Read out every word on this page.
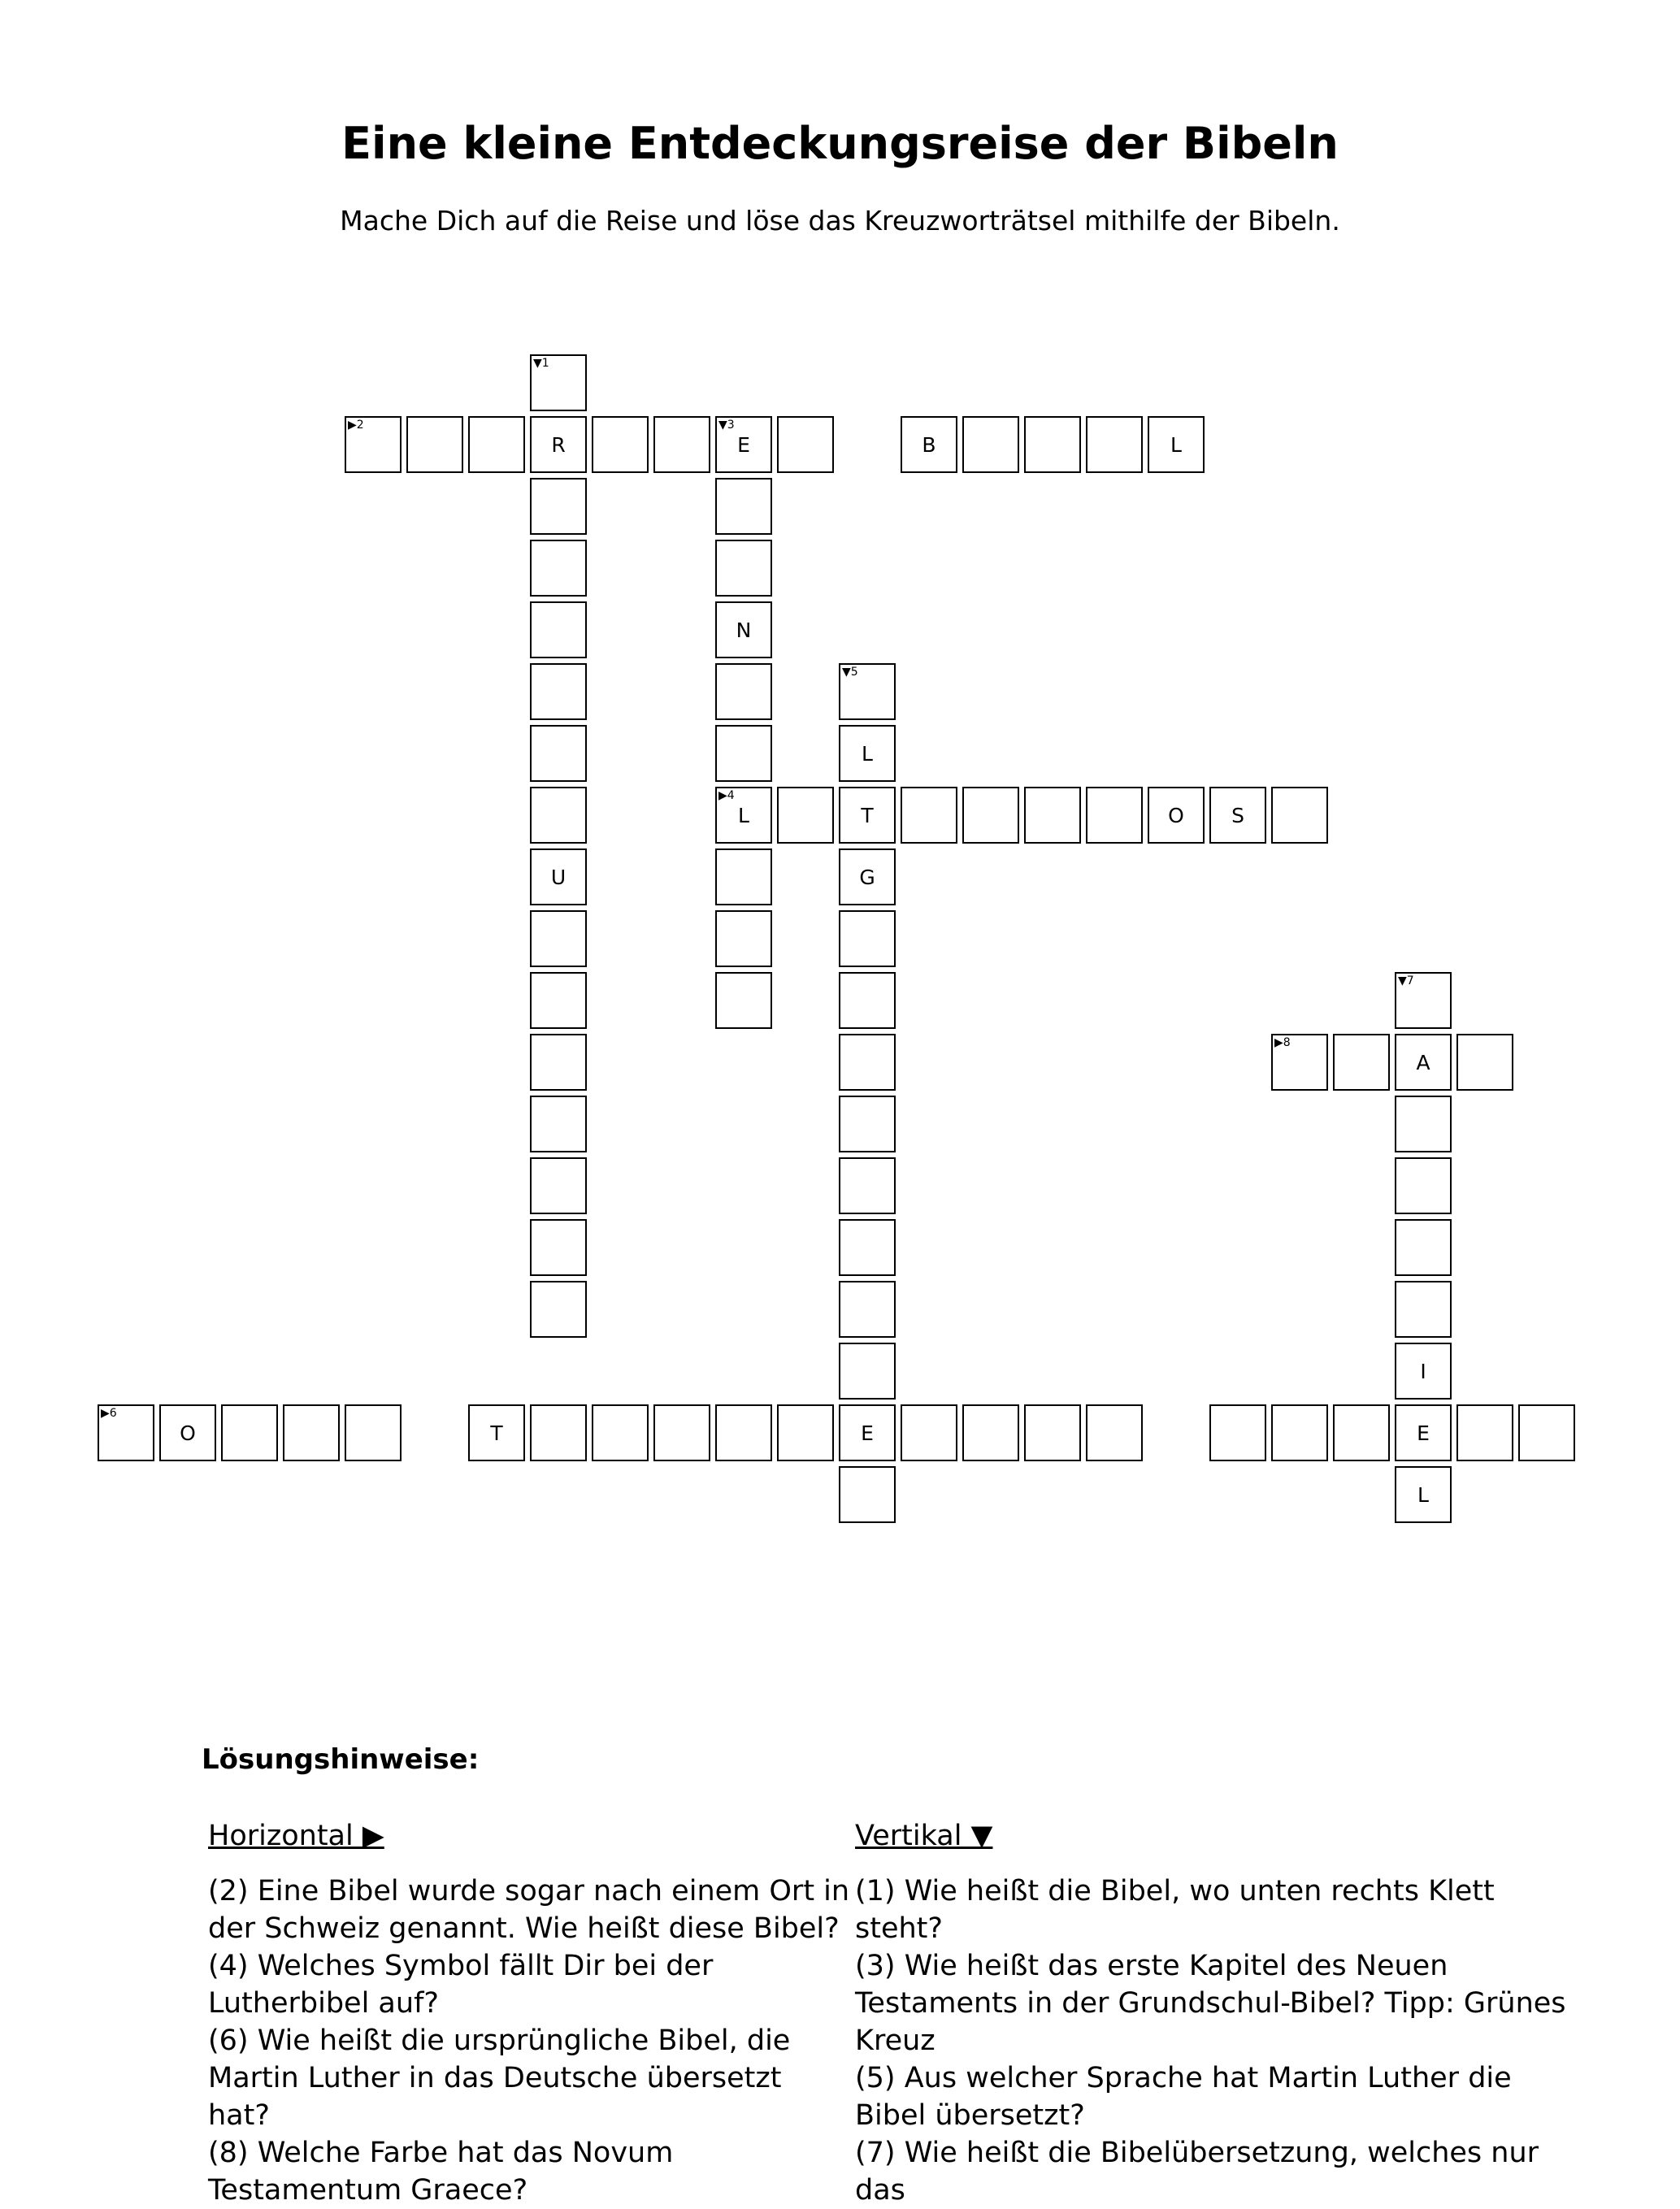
Eine kleine Entdeckungsreise der Bibeln
Mache Dich auf die Reise und löse das Kreuzworträtsel mithilfe der Bibeln.
▼1
▶2
R
▼3
E	B	L
U
N
▶4
L
▼5
L
T	O	S
G
E
▼7
▶8
A
I
E
L
▶6
O	T
Lösungshinweise:
Horizontal ▶

(2) Eine Bibel wurde sogar nach einem Ort in der Schweiz genannt. Wie heißt diese Bibel?

(4) Welches Symbol fällt Dir bei der Lutherbibel auf?

(6) Wie heißt die ursprüngliche Bibel, die Martin Luther in das Deutsche übersetzt hat?

(8) Welche Farbe hat das Novum Testamentum Graece?

Vertikal ▼

(1) Wie heißt die Bibel, wo unten rechts Klett steht?

(3) Wie heißt das erste Kapitel des Neuen Testaments in der Grundschul-Bibel? Tipp: Grünes Kreuz

(5) Aus welcher Sprache hat Martin Luther die Bibel übersetzt?

(7) Wie heißt die Bibelübersetzung, welches nur das
